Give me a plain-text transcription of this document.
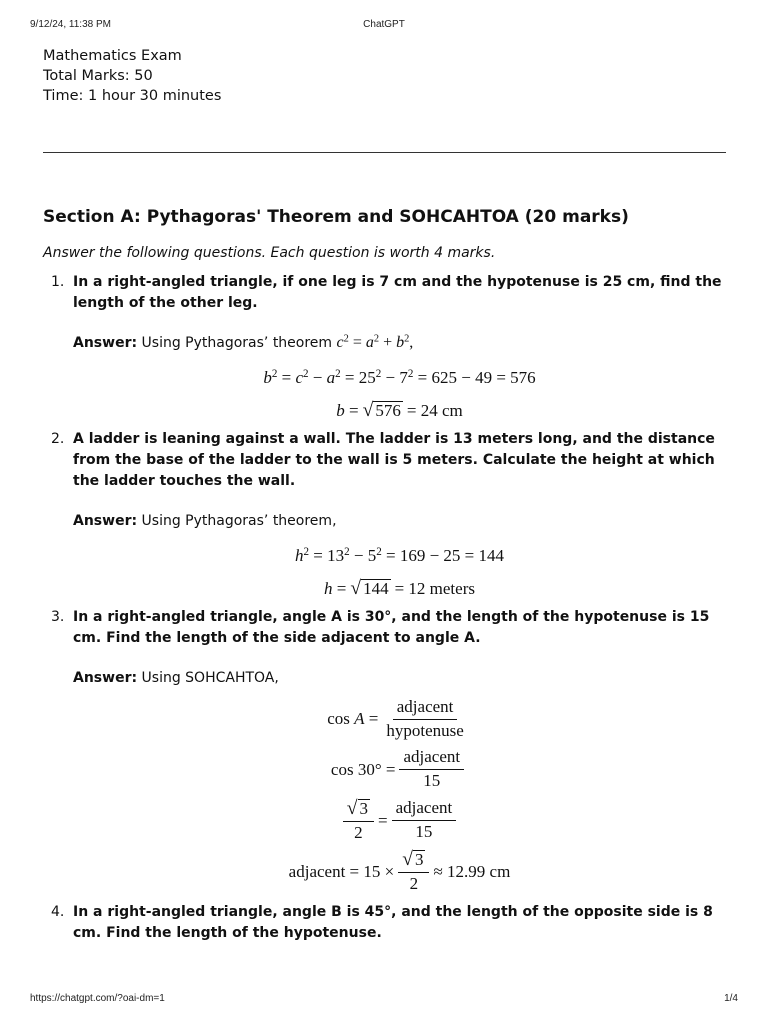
9/12/24, 11:38 PM	ChatGPT
Mathematics Exam
Total Marks: 50
Time: 1 hour 30 minutes
Section A: Pythagoras' Theorem and SOHCAHTOA (20 marks)
Answer the following questions. Each question is worth 4 marks.
1. In a right-angled triangle, if one leg is 7 cm and the hypotenuse is 25 cm, find the length of the other leg.
Answer: Using Pythagoras’ theorem $c^2 = a^2 + b^2$,
$b^2 = c^2 - a^2 = 25^2 - 7^2 = 625 - 49 = 576$
b = √ 576 = 24 cm
2. A ladder is leaning against a wall. The ladder is 13 meters long, and the distance from the base of the ladder to the wall is 5 meters. Calculate the height at which the ladder touches the wall.
Answer: Using Pythagoras’ theorem,
$h^2 = 13^2 - 5^2 = 169 - 25 = 144$
h = √ 144 = 12 meters
3. In a right-angled triangle, angle A is 30°, and the length of the hypotenuse is 15 cm. Find the length of the side adjacent to angle A.
Answer: Using SOHCAHTOA,
cos
$A = \frac{\text{adjacent}}{\text{hypotenuse}}$
$\cos 30^\circ = \frac{\text{adjacent}}{15}$
$\frac{√ 3}{2} = \frac{\text{adjacent}}{15}$
adjacent = $15 \times \frac{√ 3}{2} \approx 12.99$ cm
4. In a right-angled triangle, angle B is 45°, and the length of the opposite side is 8 cm. Find the length of the hypotenuse.
https://chatgpt.com/?oai-dm=1	1/4
